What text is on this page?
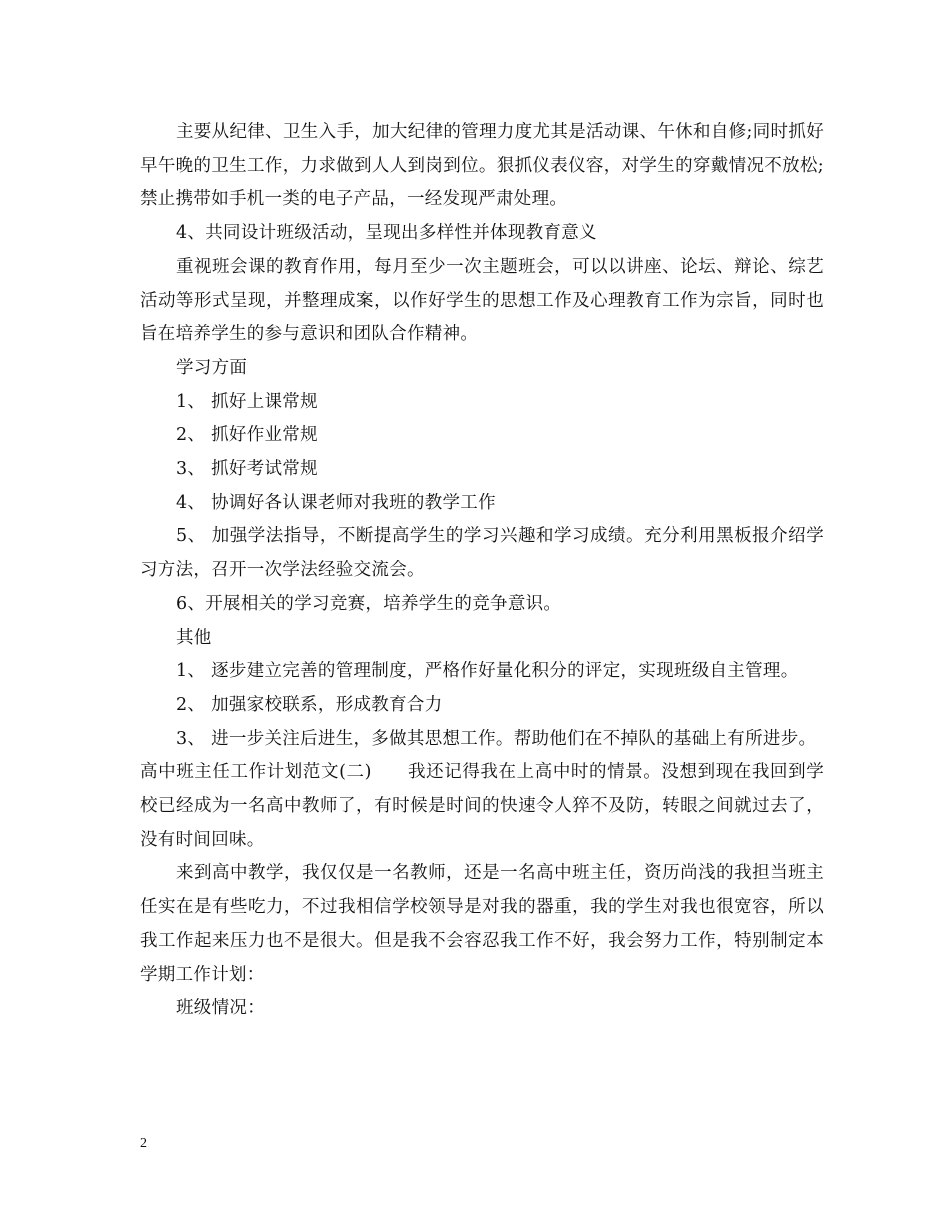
主要从纪律、卫生入手，加大纪律的管理力度尤其是活动课、午休和自修;同时抓好早午晚的卫生工作，力求做到人人到岗到位。狠抓仪表仪容，对学生的穿戴情况不放松;禁止携带如手机一类的电子产品，一经发现严肃处理。

4、共同设计班级活动，呈现出多样性并体现教育意义

重视班会课的教育作用，每月至少一次主题班会，可以以讲座、论坛、辩论、综艺活动等形式呈现，并整理成案，以作好学生的思想工作及心理教育工作为宗旨，同时也旨在培养学生的参与意识和团队合作精神。

学习方面

1、 抓好上课常规

2、 抓好作业常规

3、 抓好考试常规

4、 协调好各认课老师对我班的教学工作

5、 加强学法指导，不断提高学生的学习兴趣和学习成绩。充分利用黑板报介绍学习方法，召开一次学法经验交流会。

6、开展相关的学习竞赛，培养学生的竞争意识。

其他

1、 逐步建立完善的管理制度，严格作好量化积分的评定，实现班级自主管理。

2、 加强家校联系，形成教育合力

3、 进一步关注后进生，多做其思想工作。帮助他们在不掉队的基础上有所进步。

高中班主任工作计划范文(二) 我还记得我在上高中时的情景。没想到现在我回到学校已经成为一名高中教师了，有时候是时间的快速令人猝不及防，转眼之间就过去了，没有时间回味。

来到高中教学，我仅仅是一名教师，还是一名高中班主任，资历尚浅的我担当班主任实在是有些吃力，不过我相信学校领导是对我的器重，我的学生对我也很宽容，所以我工作起来压力也不是很大。但是我不会容忍我工作不好，我会努力工作，特别制定本学期工作计划：

班级情况：

2
